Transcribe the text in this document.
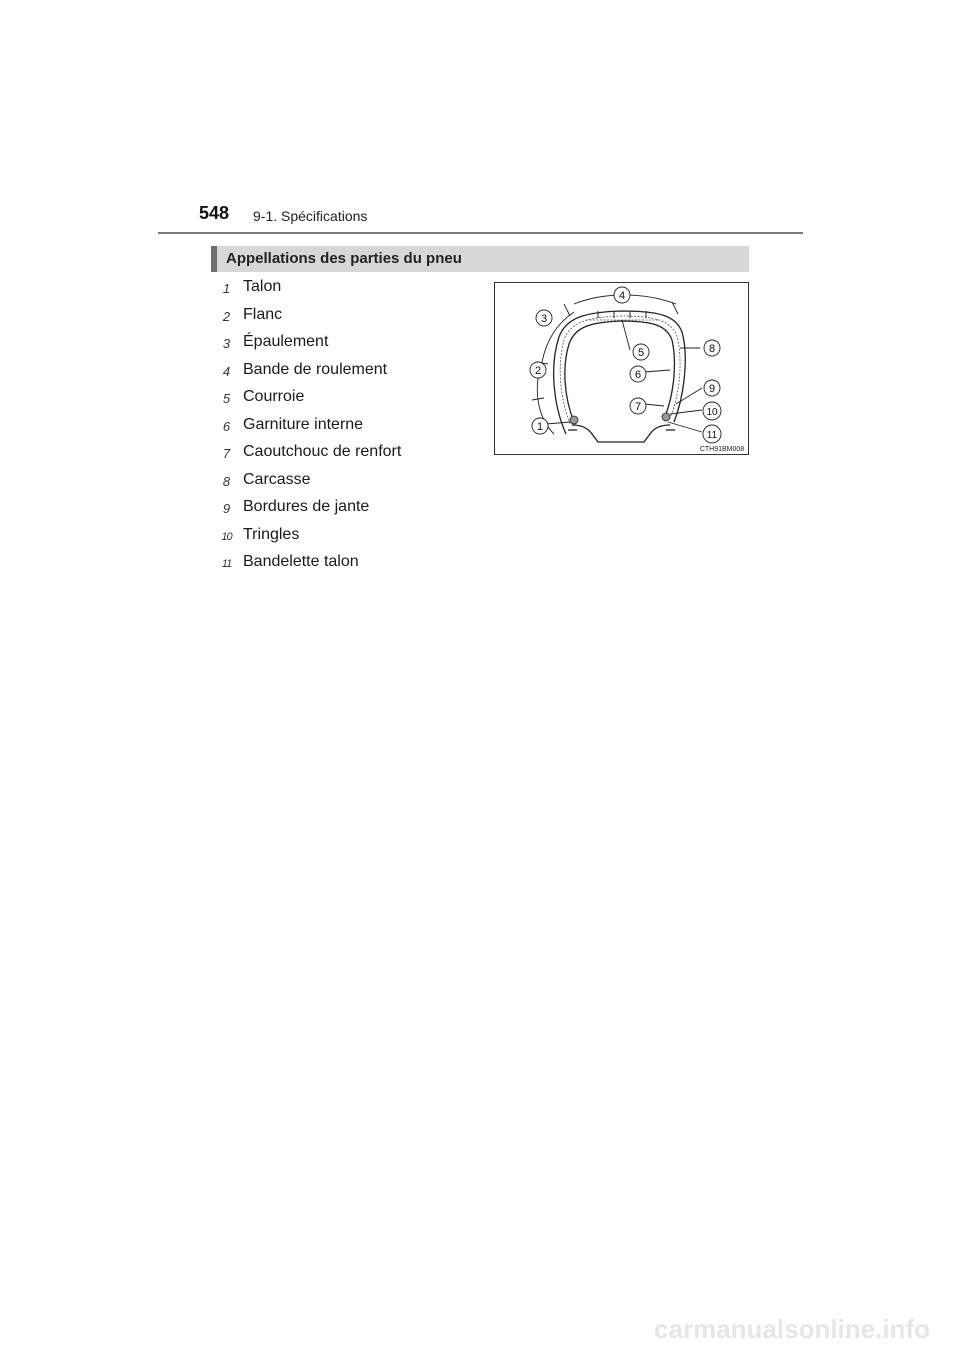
548 9-1. Spécifications
Appellations des parties du pneu
1 Talon
2 Flanc
3 Épaulement
4 Bande de roulement
5 Courroie
6 Garniture interne
7 Caoutchouc de renfort
8 Carcasse
9 Bordures de jante
10 Tringles
11 Bandelette talon
1
2
3
4
5
6
7
8
9
10
11
CTH91BM008
carmanualsonline.info
